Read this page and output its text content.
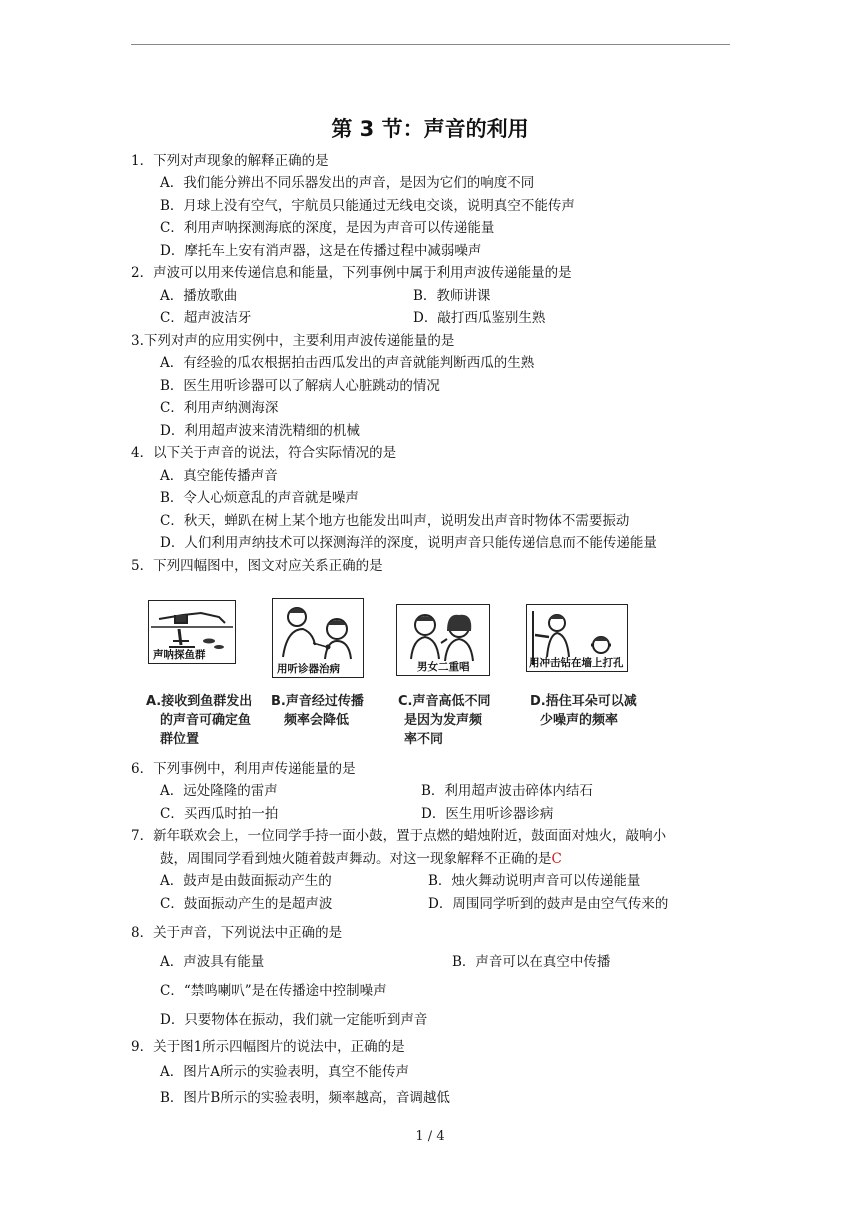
第 3 节：声音的利用
1．下列对声现象的解释正确的是
A．我们能分辨出不同乐器发出的声音，是因为它们的响度不同
B．月球上没有空气，宇航员只能通过无线电交谈，说明真空不能传声
C．利用声呐探测海底的深度，是因为声音可以传递能量
D．摩托车上安有消声器，这是在传播过程中减弱噪声
2．声波可以用来传递信息和能量，下列事例中属于利用声波传递能量的是
A．播放歌曲	B．教师讲课
C．超声波洁牙	D．敲打西瓜鉴别生熟
3.下列对声的应用实例中，主要利用声波传递能量的是
A．有经验的瓜农根据拍击西瓜发出的声音就能判断西瓜的生熟
B．医生用听诊器可以了解病人心脏跳动的情况
C．利用声纳测海深
D．利用超声波来清洗精细的机械
4．以下关于声音的说法，符合实际情况的是
A．真空能传播声音
B．令人心烦意乱的声音就是噪声
C．秋天，蝉趴在树上某个地方也能发出叫声，说明发出声音时物体不需要振动
D．人们利用声纳技术可以探测海洋的深度，说明声音只能传递信息而不能传递能量
5．下列四幅图中，图文对应关系正确的是
声呐探鱼群
A.接收到鱼群发出
的声音可确定鱼
群位置
用听诊器治病
B.声音经过传播
频率会降低
男女二重唱
C.声音高低不同
是因为发声频
率不同
用冲击钻在墙上打孔
D.捂住耳朵可以减
少噪声的频率
6．下列事例中，利用声传递能量的是
A．远处隆隆的雷声	B．利用超声波击碎体内结石
C．买西瓜时拍一拍	D．医生用听诊器诊病
7．新年联欢会上，一位同学手持一面小鼓，置于点燃的蜡烛附近，鼓面面对烛火，敲响小
鼓，周围同学看到烛火随着鼓声舞动。对这一现象解释不正确的是C
A．鼓声是由鼓面振动产生的	B．烛火舞动说明声音可以传递能量
C．鼓面振动产生的是超声波	D．周围同学听到的鼓声是由空气传来的
8．关于声音，下列说法中正确的是
A．声波具有能量	B．声音可以在真空中传播
C．“禁鸣喇叭”是在传播途中控制噪声
D．只要物体在振动，我们就一定能听到声音
9．关于图1所示四幅图片的说法中，正确的是
A．图片A所示的实验表明，真空不能传声
B．图片B所示的实验表明，频率越高，音调越低
1 / 4
